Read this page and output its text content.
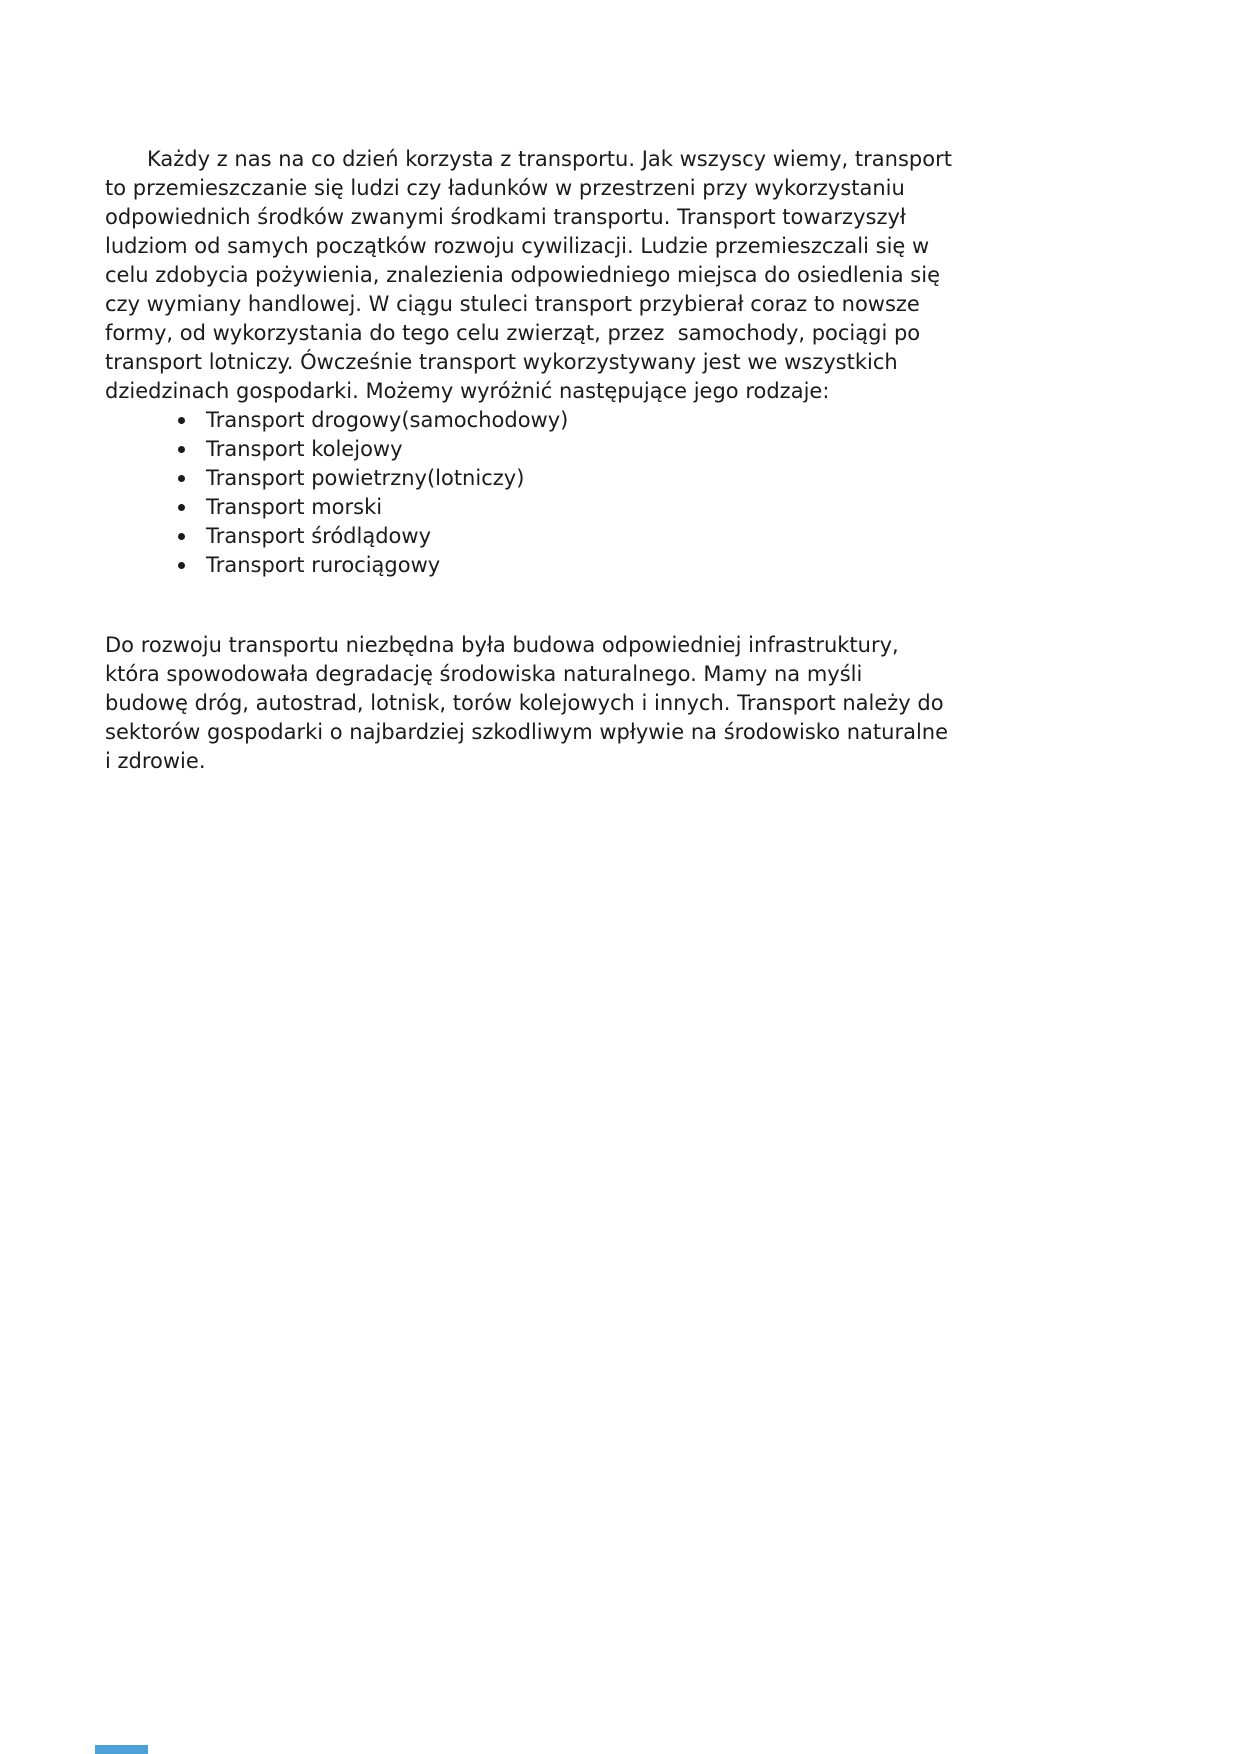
Każdy z nas na co dzień korzysta z transportu. Jak wszyscy wiemy, transport
to przemieszczanie się ludzi czy ładunków w przestrzeni przy wykorzystaniu
odpowiednich środków zwanymi środkami transportu. Transport towarzyszył
ludziom od samych początków rozwoju cywilizacji. Ludzie przemieszczali się w
celu zdobycia pożywienia, znalezienia odpowiedniego miejsca do osiedlenia się
czy wymiany handlowej. W ciągu stuleci transport przybierał coraz to nowsze
formy, od wykorzystania do tego celu zwierząt, przez  samochody, pociągi po
transport lotniczy. Ówcześnie transport wykorzystywany jest we wszystkich
dziedzinach gospodarki. Możemy wyróżnić następujące jego rodzaje:
Transport drogowy(samochodowy)
Transport kolejowy
Transport powietrzny(lotniczy)
Transport morski
Transport śródlądowy
Transport rurociągowy
Do rozwoju transportu niezbędna była budowa odpowiedniej infrastruktury,
która spowodowała degradację środowiska naturalnego. Mamy na myśli
budowę dróg, autostrad, lotnisk, torów kolejowych i innych. Transport należy do
sektorów gospodarki o najbardziej szkodliwym wpływie na środowisko naturalne
i zdrowie.
